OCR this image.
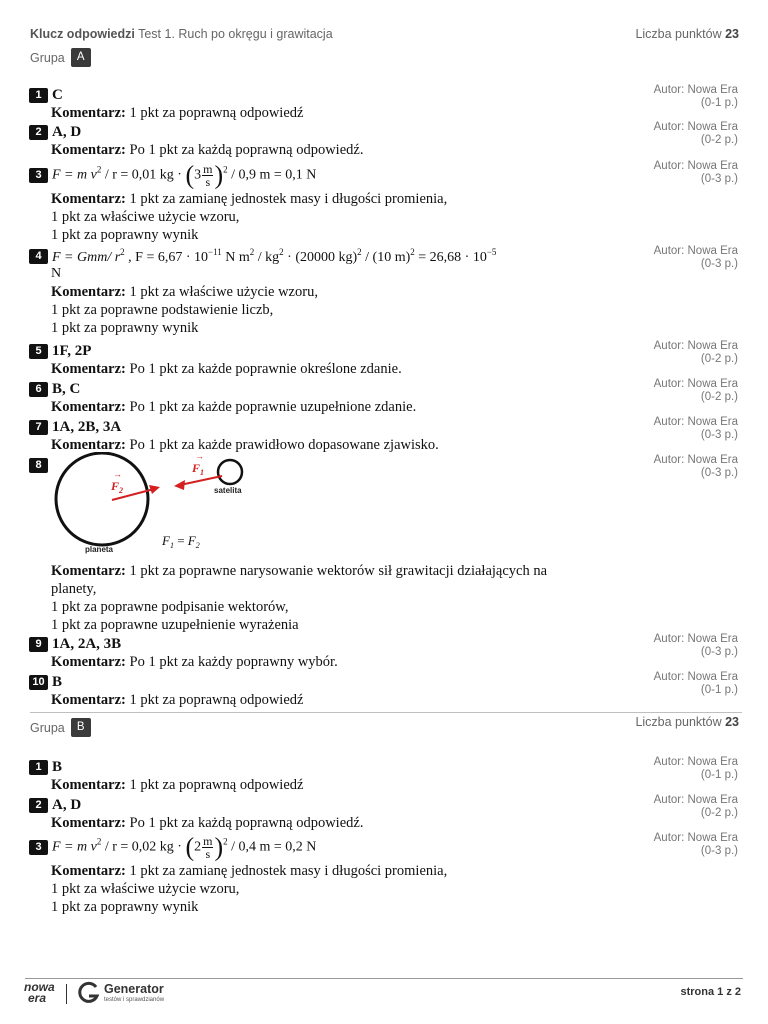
Klucz odpowiedzi Test 1. Ruch po okręgu i grawitacja	Liczba punktów 23
Grupa	A
1 C
Komentarz: 1 pkt za poprawną odpowiedź
Autor: Nowa Era
(0-1 p.)
2 A, D
Komentarz: Po 1 pkt za każdą poprawną odpowiedź.
Autor: Nowa Era
(0-2 p.)
3 F = m $v^2 / r = 0,01$ kg · $(3 \frac{m}{s} )^2 / 0,9$ m = 0,1 N
Komentarz: 1 pkt za zamianę jednostek masy i długości promienia,
1 pkt za właściwe użycie wzoru,
1 pkt za poprawny wynik
Autor: Nowa Era
(0-3 p.)
4 F = Gmm/ $r^2$ , $F = 6,67 \cdot 10^{-11}$ N $m^2 / kg^2 \cdot (20000$ kg)$^2$ / (10 $m)^2 = 26,68 \cdot 10^{-5}$
N
Komentarz: 1 pkt za właściwe użycie wzoru,
1 pkt za poprawne podstawienie liczb,
1 pkt za poprawny wynik
Autor: Nowa Era
(0-3 p.)
5 1F, 2P
Komentarz: Po 1 pkt za każde poprawnie określone zdanie.
Autor: Nowa Era
(0-2 p.)
6 B, C
Komentarz: Po 1 pkt za każde poprawnie uzupełnione zdanie.
Autor: Nowa Era
(0-2 p.)
7 1A, 2B, 3A
Komentarz: Po 1 pkt za każde prawidłowo dopasowane zjawisko.
Autor: Nowa Era
(0-3 p.)
8	$F_1$
→
$F_2$
→
satelita
planeta
$F_1 = F_2$
Komentarz: 1 pkt za poprawne narysowanie wektorów sił grawitacji działających na
planety,
1 pkt za poprawne podpisanie wektorów,
1 pkt za poprawne uzupełnienie wyrażenia
Autor: Nowa Era
(0-3 p.)
9 1A, 2A, 3B
Komentarz: Po 1 pkt za każdy poprawny wybór.
Autor: Nowa Era
(0-3 p.)
10 B
Komentarz: 1 pkt za poprawną odpowiedź
Autor: Nowa Era
(0-1 p.)
Grupa	B	Liczba punktów 23
1 B
Komentarz: 1 pkt za poprawną odpowiedź
Autor: Nowa Era
(0-1 p.)
2 A, D
Komentarz: Po 1 pkt za każdą poprawną odpowiedź.
Autor: Nowa Era
(0-2 p.)
3 F = m $v^2 / r = 0,02$ kg · $(2 \frac{m}{s} )^2 / 0,4$ m = 0,2 N
Komentarz: 1 pkt za zamianę jednostek masy i długości promienia,
1 pkt za właściwe użycie wzoru,
1 pkt za poprawny wynik
Autor: Nowa Era
(0-3 p.)
nowa
era
Generator
testów i sprawdzianów
strona 1 z 2
